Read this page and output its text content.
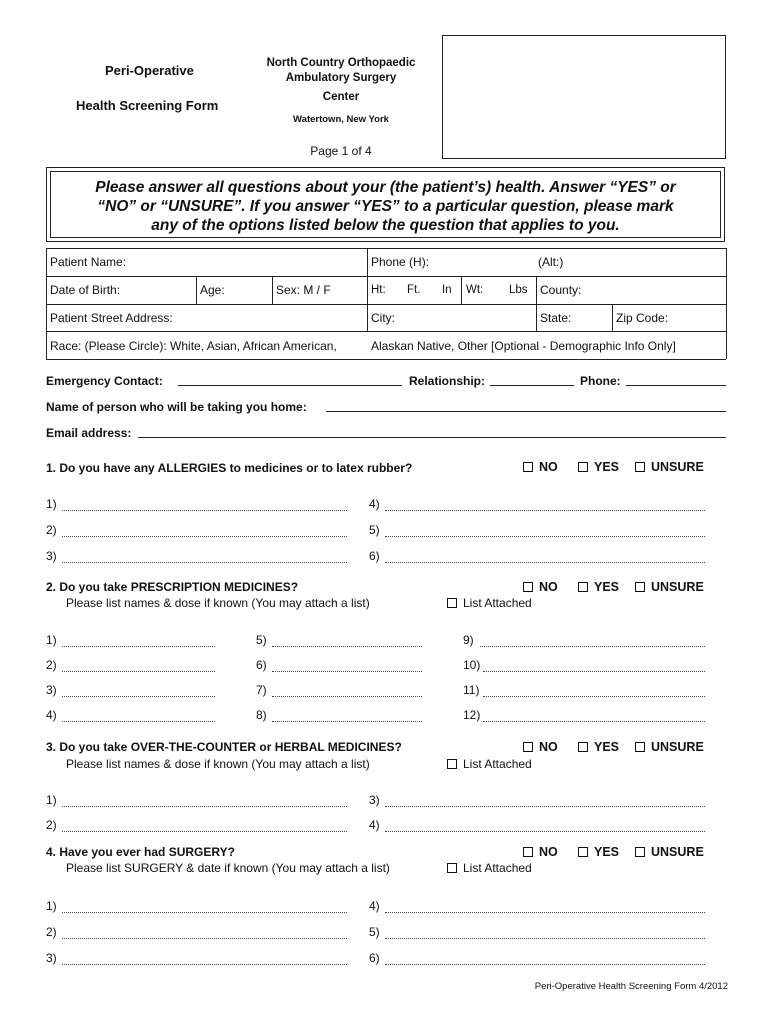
Peri-Operative
Health Screening Form
North Country Orthopaedic
Ambulatory Surgery
Center
Watertown, New York
Page 1 of 4
Please answer all questions about your (the patient’s) health. Answer “YES” or
“NO” or “UNSURE”. If you answer “YES” to a particular question, please mark
any of the options listed below the question that applies to you.
Patient Name:	Phone (H):	(Alt:)
Date of Birth:	Age:	Sex: M / F	Ht: Ft. In Wt: Lbs County:
Patient Street Address:	City:	State:	Zip Code:
Race: (Please Circle): White, Asian, African American,	Alaskan Native, Other [Optional - Demographic Info Only]
Emergency Contact:	Relationship:	Phone:
Name of person who will be taking you home:
Email address:
1. Do you have any ALLERGIES to medicines or to latex rubber?	NO	YES	UNSURE
1)
2)
3)
4)
5)
6)
2. Do you take PRESCRIPTION MEDICINES?
Please list names & dose if known (You may attach a list)
NO	YES	UNSURE
List Attached
1)
2)
3)
4)
5)
6)
7)
8)
9)
10)
11)
12)
3. Do you take OVER-THE-COUNTER or HERBAL MEDICINES?
Please list names & dose if known (You may attach a list)
NO	YES	UNSURE
List Attached
1)
2)
3)
4)
4. Have you ever had SURGERY?
Please list SURGERY & date if known (You may attach a list)
NO	YES	UNSURE
List Attached
1)
2)
3)
4)
5)
6)
Peri-Operative Health Screening Form 4/2012
